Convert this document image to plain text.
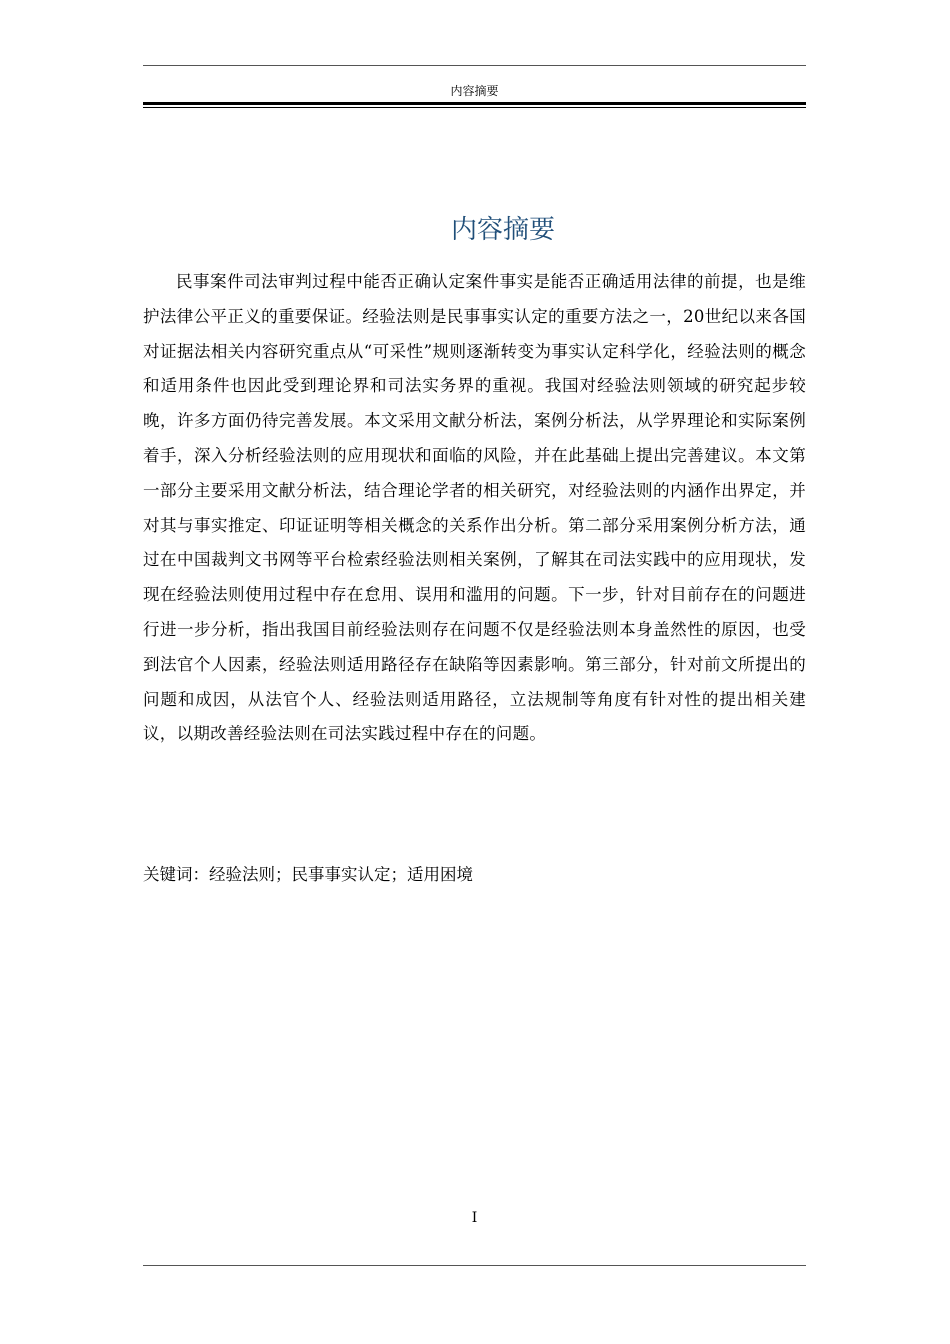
内容摘要
内容摘要

民事案件司法审判过程中能否正确认定案件事实是能否正确适用法律的前提，也是维护法律公平正义的重要保证。经验法则是民事事实认定的重要方法之一，20世纪以来各国对证据法相关内容研究重点从“可采性”规则逐渐转变为事实认定科学化，经验法则的概念和适用条件也因此受到理论界和司法实务界的重视。我国对经验法则领域的研究起步较晚，许多方面仍待完善发展。本文采用文献分析法，案例分析法，从学界理论和实际案例着手，深入分析经验法则的应用现状和面临的风险，并在此基础上提出完善建议。本文第一部分主要采用文献分析法，结合理论学者的相关研究，对经验法则的内涵作出界定，并对其与事实推定、印证证明等相关概念的关系作出分析。第二部分采用案例分析方法，通过在中国裁判文书网等平台检索经验法则相关案例，了解其在司法实践中的应用现状，发现在经验法则使用过程中存在怠用、误用和滥用的问题。下一步，针对目前存在的问题进行进一步分析，指出我国目前经验法则存在问题不仅是经验法则本身盖然性的原因，也受到法官个人因素，经验法则适用路径存在缺陷等因素影响。第三部分，针对前文所提出的问题和成因，从法官个人、经验法则适用路径，立法规制等角度有针对性的提出相关建议，以期改善经验法则在司法实践过程中存在的问题。

关键词：经验法则；民事事实认定；适用困境
I
